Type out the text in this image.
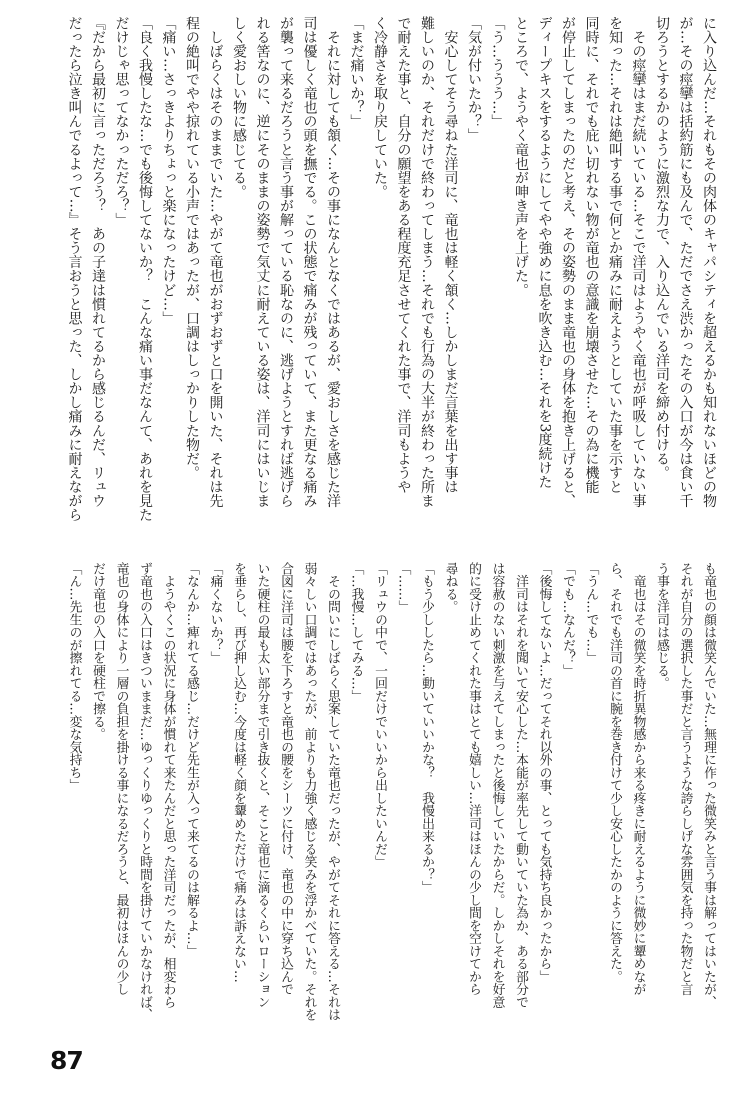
に入り込んだ…それもその肉体のキャパシティを超えるかも知れないほどの物
が…その痙攣は括約筋にも及んで、ただでさえ渋かったその入口が今は食い千
切ろうとするかのように激烈な力で、入り込んでいる洋司を締め付ける。
　その痙攣はまだ続いている…そこで洋司はようやく竜也が呼吸していない事
を知った…それは絶叫する事で何とか痛みに耐えようとしていた事を示すと
同時に、それでも庇い切れない物が竜也の意識を崩壊させた…その為に機能
が停止してしまったのだと考え、その姿勢のまま竜也の身体を抱き上げると、
ディープキスをするようにしてやや強めに息を吹き込む…それを3度続けた
ところで、ようやく竜也が呻き声を上げた。
「う…ううう…」
「気が付いたか？」
　安心してそう尋ねた洋司に、竜也は軽く頷く…しかしまだ言葉を出す事は
難しいのか、それだけで終わってしまう…それでも行為の大半が終わった所ま
で耐えた事と、自分の願望をある程度充足させてくれた事で、洋司もようや
く冷静さを取り戻していた。
「まだ痛いか？」
　それに対しても頷く…その事になんとなくではあるが、愛おしさを感じた洋
司は優しく竜也の頭を撫でる。この状態で痛みが残っていて、また更なる痛み
が襲って来るだろうと言う事が解っている恥なのに、逃げようとすれば逃げら
れる筈なのに、逆にそのままの姿勢で気丈に耐えている姿は、洋司にはいじま
しく愛おしい物に感じてる。
　しばらくはそのままでいた…やがて竜也がおずおずと口を開いた、それは先
程の絶叫でやや掠れている小声ではあったが、口調はしっかりした物だ。
「痛い…さっきよりちょっと楽になったけど…」
「良く我慢したな…でも後悔してないか？　こんな痛い事だなんて、あれを見た
だけじゃ思ってなかっただろ？」
『だから最初に言っただろう？　あの子達は慣れてるから感じるんだ、リュウ
だったら泣き叫んでるよって…』そう言おうと思った、しかし痛みに耐えながら
も竜也の顔は微笑んでいた…無理に作った微笑みと言う事は解ってはいたが、
それが自分の選択した事だと言うような誇らしげな雰囲気を持った物だと言
う事を洋司は感じる。
　竜也はその微笑を時折異物感から来る疼きに耐えるように微妙に顰めなが
ら、それでも洋司の首に腕を巻き付けて少し安心したかのように答えた。
「うん…でも…」
「でも…なんだ？」
「後悔してないよ…だってそれ以外の事、とっても気持ち良かったから」
　洋司はそれを聞いて安心した…本能が率先して動いていた為か、ある部分で
は容赦のない刺激を与えてしまったと後悔していたからだ。しかしそれを好意
的に受け止めてくれた事はとても嬉しい…洋司はほんの少し間を空けてから
尋ねる。
「もう少ししたら…動いていいかな？　我慢出来るか？」
「……」
「リュウの中で、一回だけでいいから出したいんだ」
「…我慢…してみる…」
　その問いにしばらく思案していた竜也だったが、やがてそれに答える…それは
弱々しい口調ではあったが、前よりも力強く感じる笑みを浮かべていた。それを
合図に洋司は腰を下ろすと竜也の腰をシーツに付け、竜也の中に穿ち込んで
いた硬柱の最も太い部分まで引き抜くと、そこと竜也に滴るくらいローション
を垂らし、再び押し込む…今度は軽く顔を顰めただけで痛みは訴えない…
「痛くないか？」
「なんか…痺れてる感じ…だけど先生が入って来てるのは解るよ…」
　ようやくこの状況に身体が慣れて来たんだと思った洋司だったが、相変わら
ず竜也の入口はきついままだ…ゆっくりゆっくりと時間を掛けていかなければ、
竜也の身体により一層の負担を掛ける事になるだろうと、最初はほんの少し
だけ竜也の入口を硬柱で擦る。
「ん…先生のが擦れてる…変な気持ち」
87
